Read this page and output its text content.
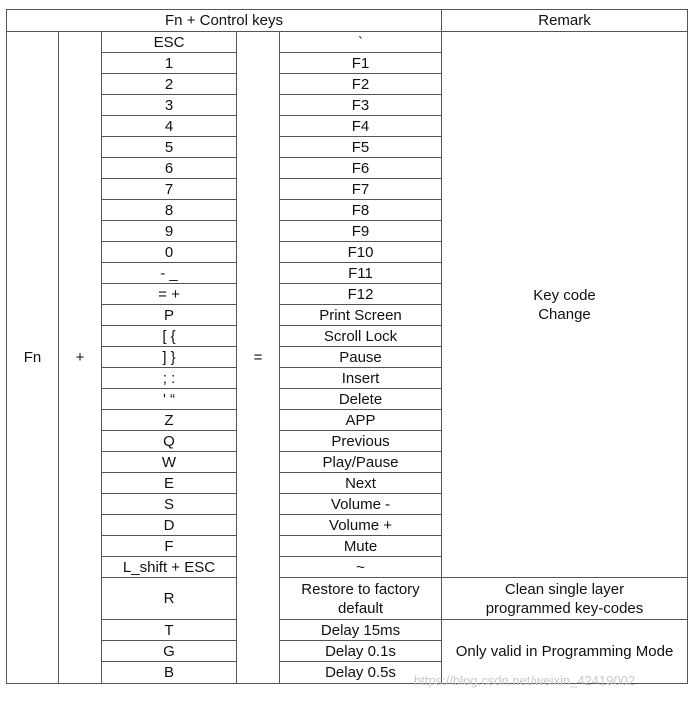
Fn + Control keys					Remark
Fn	+	ESC	=	`	Key code Change
		1		F1	
		2		F2	
		3		F3	
		4		F4	
		5		F5	
		6		F6	
		7		F7	
		8		F8	
		9		F9	
		0		F10	
		- _		F11	
		= +		F12	
		P		Print Screen	
		[ {		Scroll Lock	
		] }		Pause	
		; :		Insert	
		' “		Delete	
		Z		APP	
		Q		Previous	
		W		Play/Pause	
		E		Next	
		S		Volume -	
		D		Volume +	
		F		Mute	
		L_shift + ESC		~	
		R		Restore to factory default	Clean single layer programmed key-codes
		T		Delay 15ms	Only valid in Programming Mode
		G		Delay 0.1s	
		B		Delay 0.5s	https://blog.csdn.net/weixin_42419002
